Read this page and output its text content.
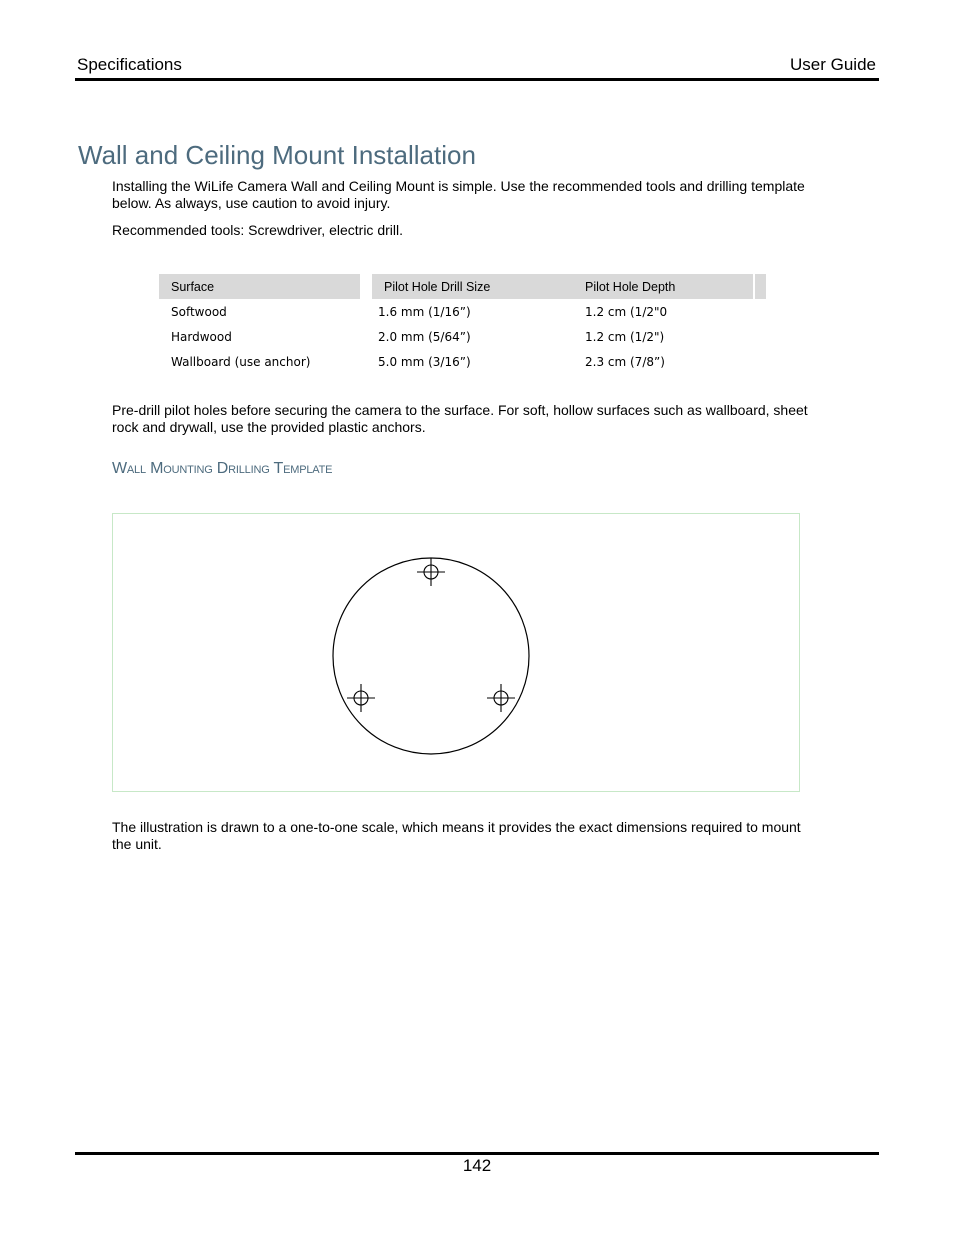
Specifications	User Guide
Wall and Ceiling Mount Installation

Installing the WiLife Camera Wall and Ceiling Mount is simple. Use the recommended tools and drilling template below. As always, use caution to avoid injury.

Recommended tools: Screwdriver, electric drill.

Surface	Pilot Hole Drill Size	Pilot Hole Depth	
Softwood	1.6 mm (1/16”)	1.2 cm (1/2"0	
Hardwood	2.0 mm (5/64”)	1.2 cm (1/2")	
Wallboard (use anchor)	5.0 mm (3/16”)	2.3 cm (7/8”)	

Pre-drill pilot holes before securing the camera to the surface. For soft, hollow surfaces such as wallboard, sheet rock and drywall, use the provided plastic anchors.

Wall Mounting Drilling Template

The illustration is drawn to a one-to-one scale, which means it provides the exact dimensions required to mount the unit.

142
